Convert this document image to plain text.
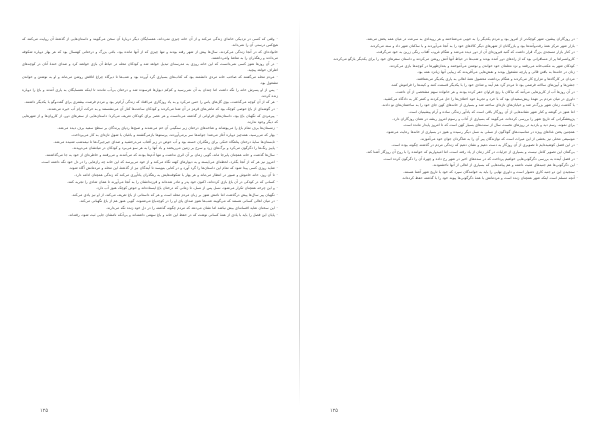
۰ وقتی که کسی در نزدیکی خانه‌ای زندگی می‌کند و از آن خانه چیزی نمی‌داند، همسایگان دیگر دربارهٔ آن سخن می‌گویند و داستان‌هایی از گذشتهٔ آن روایت می‌کنند که هیچ‌کس درستی آن را نمی‌داند.

خانواده‌ای که در آنجا زندگی می‌کردند، سال‌ها پیش از شهر رفته بودند و تنها چیزی که از آنها مانده بود، باغی بزرگ و درختانی کهنسال بود که هر بهار دوباره شکوفه می‌دادند و رهگذران را به تماشا وامی‌داشتند.

۰ در آن روزها هنوز کسی نمی‌دانست که این خانه روزی به مدرسه‌ای تبدیل خواهد شد و کودکان محله در حیاط آن بازی خواهند کرد و صدای خندهٔ آنان در کوچه‌های اطراف خواهد پیچید.

۰ مردم محله می‌گفتند که صاحب خانه مردی دانشمند بود که کتاب‌های بسیاری گرد آورده بود و شب‌ها تا دیرگاه چراغ اتاقش روشن می‌ماند و او به نوشتن و خواندن مشغول بود.

۰ پس از او پسرش خانه را نگه داشت اما چندان به آن نمی‌رسید و کم‌کم دیوارها فرسوده شد و درختان بی‌آب ماندند تا اینکه همسایگان به یاری آمدند و باغ را دوباره زنده کردند.

۰ هر که از آن کوچه می‌گذشت، بوی گل‌های یاس را حس می‌کرد و به یاد روزگاری می‌افتاد که زندگی آرام‌تر بود و مردم فرصت بیشتری برای گفت‌وگو با یکدیگر داشتند.

۰ در گوشه‌ای از باغ حوضی کوچک بود که ماهی‌های قرمز در آن شنا می‌کردند و کودکان ساعت‌ها کنار آن می‌نشستند و به حرکت آرام آب خیره می‌شدند.

۰ پیرمردی که نگهبان باغ بود، داستان‌های فراوانی از گذشته می‌دانست و هر عصر برای کودکان تعریف می‌کرد؛ داستان‌هایی از سفرهای دور، از کاروان‌ها و از شهرهایی که دیگر وجود ندارند.

۰ زمستان‌ها برف تمام باغ را می‌پوشاند و شاخه‌های درختان زیر سنگینی آن خم می‌شدند و صبح‌ها ردپای پرندگان بر سطح سفید برف دیده می‌شد.

۰ بهار که می‌رسید، همه‌چیز دوباره آغاز می‌شد؛ جوانه‌ها سر برمی‌آوردند، پرستوها بازمی‌گشتند و باغبان با شوق تازه‌ای به کار می‌پرداخت.

۰ تابستان‌ها سایهٔ درختان پناهگاه خنکی برای رهگذران خسته بود و آب حوض در زیر آفتاب می‌درخشید و صدای جیرجیرک‌ها تا نیمه‌شب شنیده می‌شد.

۰ پاییز رنگ‌ها را دگرگون می‌کرد و برگ‌های زرد و سرخ بر زمین می‌ریختند و باد آنها را به هر سو می‌برد و کودکان در میانشان می‌دویدند.

۰ سال‌ها گذشت و خانه همچنان پابرجا ماند، گویی زمان بر آن اثری نداشت و تنها آدم‌ها بودند که می‌آمدند و می‌رفتند و خاطره‌ای از خود به جا می‌گذاشتند.

۰ امروز نیز هر که از آنجا بگذرد، لحظه‌ای می‌ایستد و به دیوارهای کهنه نگاه می‌کند و از خود می‌پرسد که این خانه چه رازهایی را در دل خود نگه داشته است.

۰ شاید روزی کسی پیدا شود که تمام این داستان‌ها را گرد آورد و در کتابی بنویسد تا آیندگان نیز از گذشتهٔ این محله و مردمانش آگاه شوند.

۰ تا آن روز، خانه خاموش و صبور در انتظار می‌ماند و هر بهار با شکوفه‌هایش به رهگذران یادآوری می‌کند که زندگی همچنان ادامه دارد.

۰ کسانی که در کودکی در آن باغ بازی کرده‌اند، اکنون خود پدر و مادر شده‌اند و فرزندانشان را به آنجا می‌آورند تا همان شادی را تجربه کنند.

۰ و این چرخه همچنان تکرار می‌شود، نسل پس از نسل، تا زمانی که درختان باغ ایستاده‌اند و حوض کوچک هنوز آب دارد.

۰ نگهبان پیر سال‌ها پیش درگذشت اما نامش هنوز بر زبان مردم محله است و هر که داستانی از باغ تعریف می‌کند، از او نیز یادی می‌کند.

۰ در میان اهالی کسانی هستند که می‌گویند شب‌ها هنوز صدای پای او را در کوچه‌باغ می‌شنوند، گویی هنوز هم از باغ نگهبانی می‌کند.

۰ این سخنان شاید افسانه‌ای بیش نباشد اما نشان می‌دهد که مردم چگونه گذشته را در دل خود زنده نگه می‌دارند.

۰ پایان این فصل را باید با یادی از همهٔ کسانی نوشت که در حفظ این خانه و باغ سهمی داشته‌اند و بی‌آنکه نامشان جایی ثبت شود، رفته‌اند.

۱۲۵

۰ در روزگاران پیشین، شهر کوچک‌تر از امروز بود و مردم یکدیگر را به خوبی می‌شناختند و هر رویدادی به سرعت در میان همه پخش می‌شد.

۰ بازار شهر مرکز همهٔ رفت‌وآمدها بود و بازرگانان از شهرهای دیگر کالاهای خود را به آنجا می‌آوردند و با ساکنان شهر داد و ستد می‌کردند.

۰ در کنار بازار مسجدی بزرگ قرار داشت که گنبد فیروزه‌ای آن از دور دیده می‌شد و هنگام غروب آفتاب رنگی زرین به خود می‌گرفت.

۰ کاروانسراها پر از مسافرانی بود که از راه‌های دور آمده بودند و شب‌ها در حیاط آنها آتش روشن می‌کردند و داستان سفرهای خود را برای یکدیگر بازگو می‌کردند.

۰ کودکان شهر به مکتب‌خانه می‌رفتند و نزد معلمان خود خواندن و نوشتن می‌آموختند و بعدازظهرها در کوچه‌ها بازی می‌کردند.

۰ زنان در خانه‌ها به بافتن قالی و پارچه مشغول بودند و نقش‌هایی می‌آفریدند که زیبایی آنها زبانزد همه بود.

۰ مردان در کارگاه‌ها و مزارع کار می‌کردند و هنگام برداشت محصول همهٔ اهالی به یاری یکدیگر می‌شتافتند.

۰ جشن‌ها و آیین‌های سالانه فرصتی بود تا مردم گرد هم آیند و شادی خود را با یکدیگر قسمت کنند و کینه‌ها را فراموش کنند.

۰ در آن روزها آب از کاریزهایی می‌آمد که نیاکان با رنج فراوان حفر کرده بودند و هر خانواده سهم مشخصی از آن داشت.

۰ داوری در میان مردم بر عهدهٔ ریش‌سفیدان بود که با خرد و تجربهٔ خود اختلاف‌ها را حل می‌کردند و کمتر کار به دادگاه می‌کشید.

۰ با گذشت زمان شهر بزرگ‌تر شد و خیابان‌های تازه‌ای ساخته شد و بسیاری از خانه‌های کهن جای خود را به ساختمان‌های نو دادند.

۰ اما هنوز در گوشه و کنار شهر نشانه‌هایی از آن روزگار باقی است که یادآور زندگی ساده و آرام پیشینیان است.

۰ پژوهشگرانی که تاریخ شهر را بررسی کرده‌اند، می‌گویند که بسیاری از آداب و رسوم امروز ریشه در همان روزگاران دارد.

۰ برای نمونه، رسم دید و بازدید در روزهای نخست سال از سنت‌های بسیار کهن است که تا امروز پایدار مانده است.

۰ همچنین پختن غذاهای ویژه در مناسبت‌های گوناگون از نسلی به نسل دیگر رسیده و هنوز در بسیاری از خانه‌ها رعایت می‌شود.

۰ موسیقی محلی نیز بخشی از این میراث است که نوازندگان پیر آن را به شاگردان جوان خود می‌آموزند.

۰ در این فصل کوشیده‌ایم تا تصویری از آن روزگار به دست دهیم و نشان دهیم که زندگی مردم در گذشته چگونه بوده است.

۰ بی‌گمان این تصویر کامل نیست و بسیاری از جزئیات در گذر زمان از یاد رفته است، اما امیدواریم که خواننده را با روح آن روزگار آشنا کند.

۰ در فصل آینده به بررسی دگرگونی‌هایی خواهیم پرداخت که در سده‌های اخیر در شهر رخ داده و چهرهٔ آن را دگرگون کرده است.

۰ این دگرگونی‌ها هم جنبه‌های مثبت داشته و هم پیامدهایی که بسیاری از اهالی از آنها ناخشنودند.

۰ سنجیدن این دو جنبه کاری دشوار است و داوری نهایی را باید به خوانندگان سپرد که خود با تاریخ شهر آشنا هستند.

۰ آنچه مسلم است اینکه شهر همچنان زنده است و مردمانش با همهٔ دگرگونی‌ها پیوند خود را با گذشته حفظ کرده‌اند.

۱۲۵
